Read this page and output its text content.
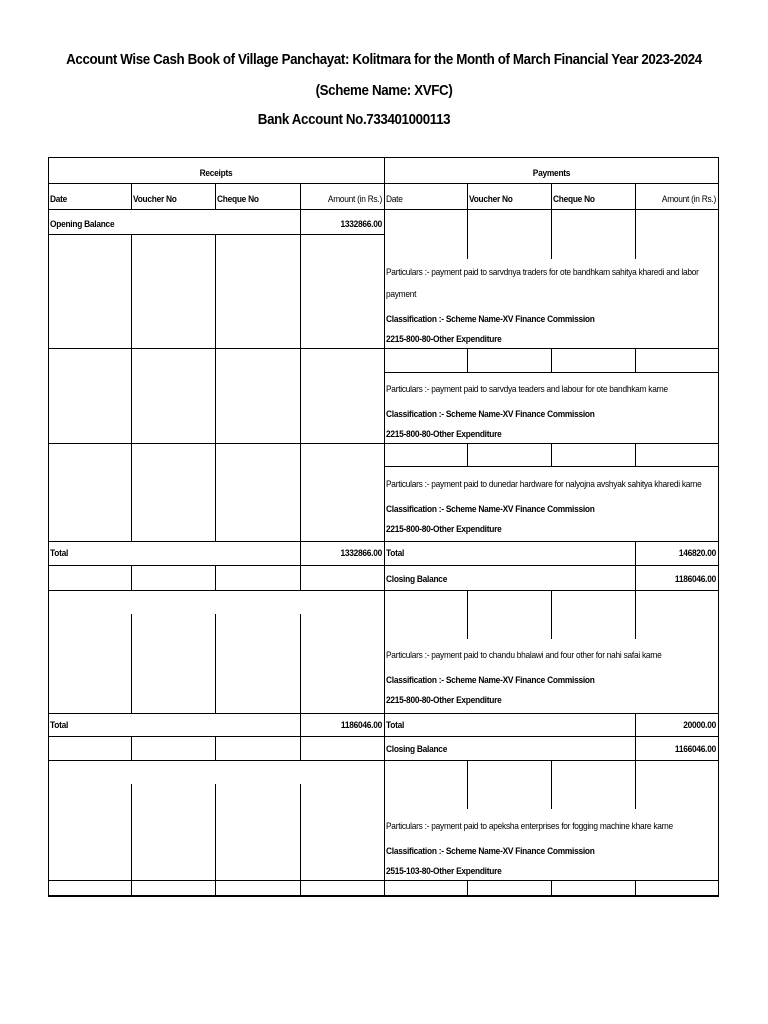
Account Wise Cash Book of Village Panchayat: Kolitmara for the Month of March Financial Year 2023-2024
(Scheme Name: XVFC)
Bank Account No.733401000113
Receipts	Payments
Date	Voucher No	Cheque No	Amount (in Rs.) Date	Voucher No	Cheque No	Amount (in Rs.)
Opening Balance	1332866.00
Particulars :- payment paid to sarvdnya traders for ote bandhkam sahitya kharedi and labor
payment
Classification :- Scheme Name-XV Finance Commission
2215-800-80-Other Expenditure
Particulars :- payment paid to sarvdya teaders and labour for ote bandhkam karne
Classification :- Scheme Name-XV Finance Commission
2215-800-80-Other Expenditure
Particulars :- payment paid to dunedar hardware for nalyojna avshyak sahitya kharedi karne
Classification :- Scheme Name-XV Finance Commission
2215-800-80-Other Expenditure
Total	1332866.00 Total	146820.00
Closing Balance	1186046.00
Particulars :- payment paid to chandu bhalawi and four other for nahi safai karne
Classification :- Scheme Name-XV Finance Commission
2215-800-80-Other Expenditure
Total	1186046.00 Total	20000.00
Closing Balance	1166046.00
Particulars :- payment paid to apeksha enterprises for fogging machine khare karne
Classification :- Scheme Name-XV Finance Commission
2515-103-80-Other Expenditure
